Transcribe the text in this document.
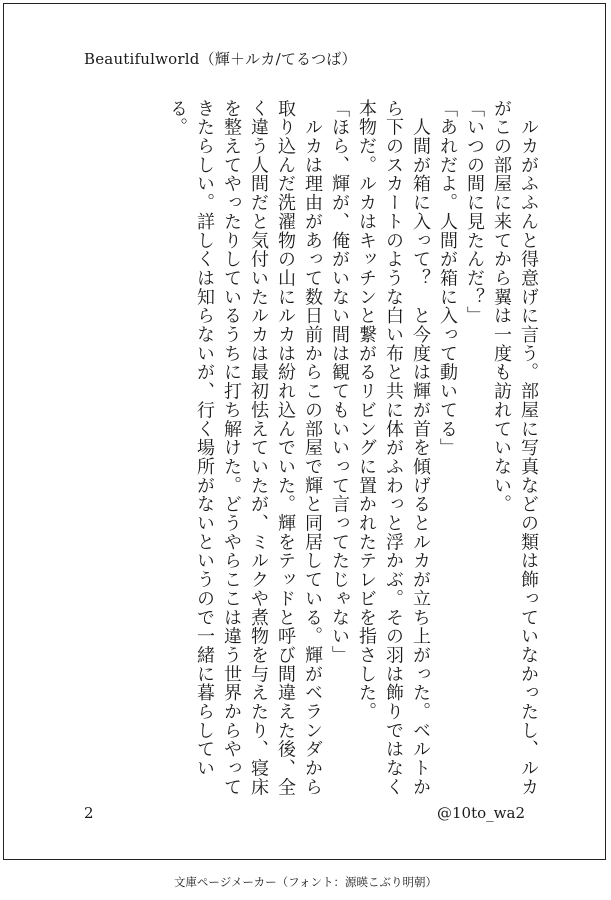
Beautifulworld（輝＋ルカ/てるつば）

　ルカがふふんと得意げに言う。部屋に写真などの類は飾っていなかったし、ルカがこの部屋に来てから翼は一度も訪れていない。

「いつの間に見たんだ？」

「あれだよ。人間が箱に入って動いてる」

　人間が箱に入って？　と今度は輝が首を傾げるとルカが立ち上がった。ベルトから下のスカートのような白い布と共に体がふわっと浮かぶ。その羽は飾りではなく本物だ。ルカはキッチンと繋がるリビングに置かれたテレビを指さした。

「ほら、輝が、俺がいない間は観てもいいって言ってたじゃない」

　ルカは理由があって数日前からこの部屋で輝と同居している。輝がベランダから取り込んだ洗濯物の山にルカは紛れ込んでいた。輝をテッドと呼び間違えた後、全く違う人間だと気付いたルカは最初怯えていたが、ミルクや煮物を与えたり、寝床を整えてやったりしているうちに打ち解けた。どうやらここは違う世界からやってきたらしい。詳しくは知らないが、行く場所がないというので一緒に暮らしている。

2	@10to_wa2
文庫ページメーカー（フォント：源暎こぶり明朝）
